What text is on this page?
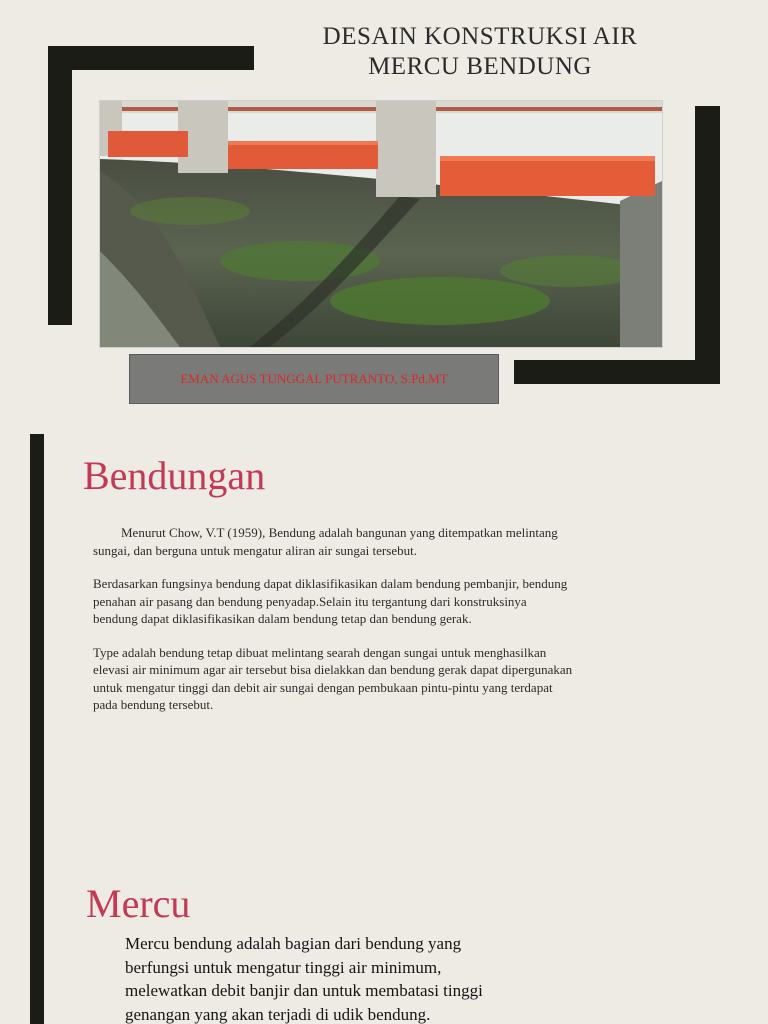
DESAIN KONSTRUKSI AIR
MERCU BENDUNG
EMAN AGUS TUNGGAL PUTRANTO, S.Pd,MT
Bendungan

Menurut Chow, V.T (1959), Bendung adalah bangunan yang ditempatkan melintang sungai, dan berguna untuk mengatur aliran air sungai tersebut.

Berdasarkan fungsinya bendung dapat diklasifikasikan dalam bendung pembanjir, bendung penahan air pasang dan bendung penyadap.Selain itu tergantung dari konstruksinya bendung dapat diklasifikasikan dalam bendung tetap dan bendung gerak.

Type adalah bendung tetap dibuat melintang searah dengan sungai untuk menghasilkan elevasi air minimum agar air tersebut bisa dielakkan dan bendung gerak dapat dipergunakan untuk mengatur tinggi dan debit air sungai dengan pembukaan pintu-pintu yang terdapat pada bendung tersebut.

Mercu

Mercu bendung adalah bagian dari bendung yang berfungsi untuk mengatur tinggi air minimum, melewatkan debit banjir dan untuk membatasi tinggi genangan yang akan terjadi di udik bendung.
